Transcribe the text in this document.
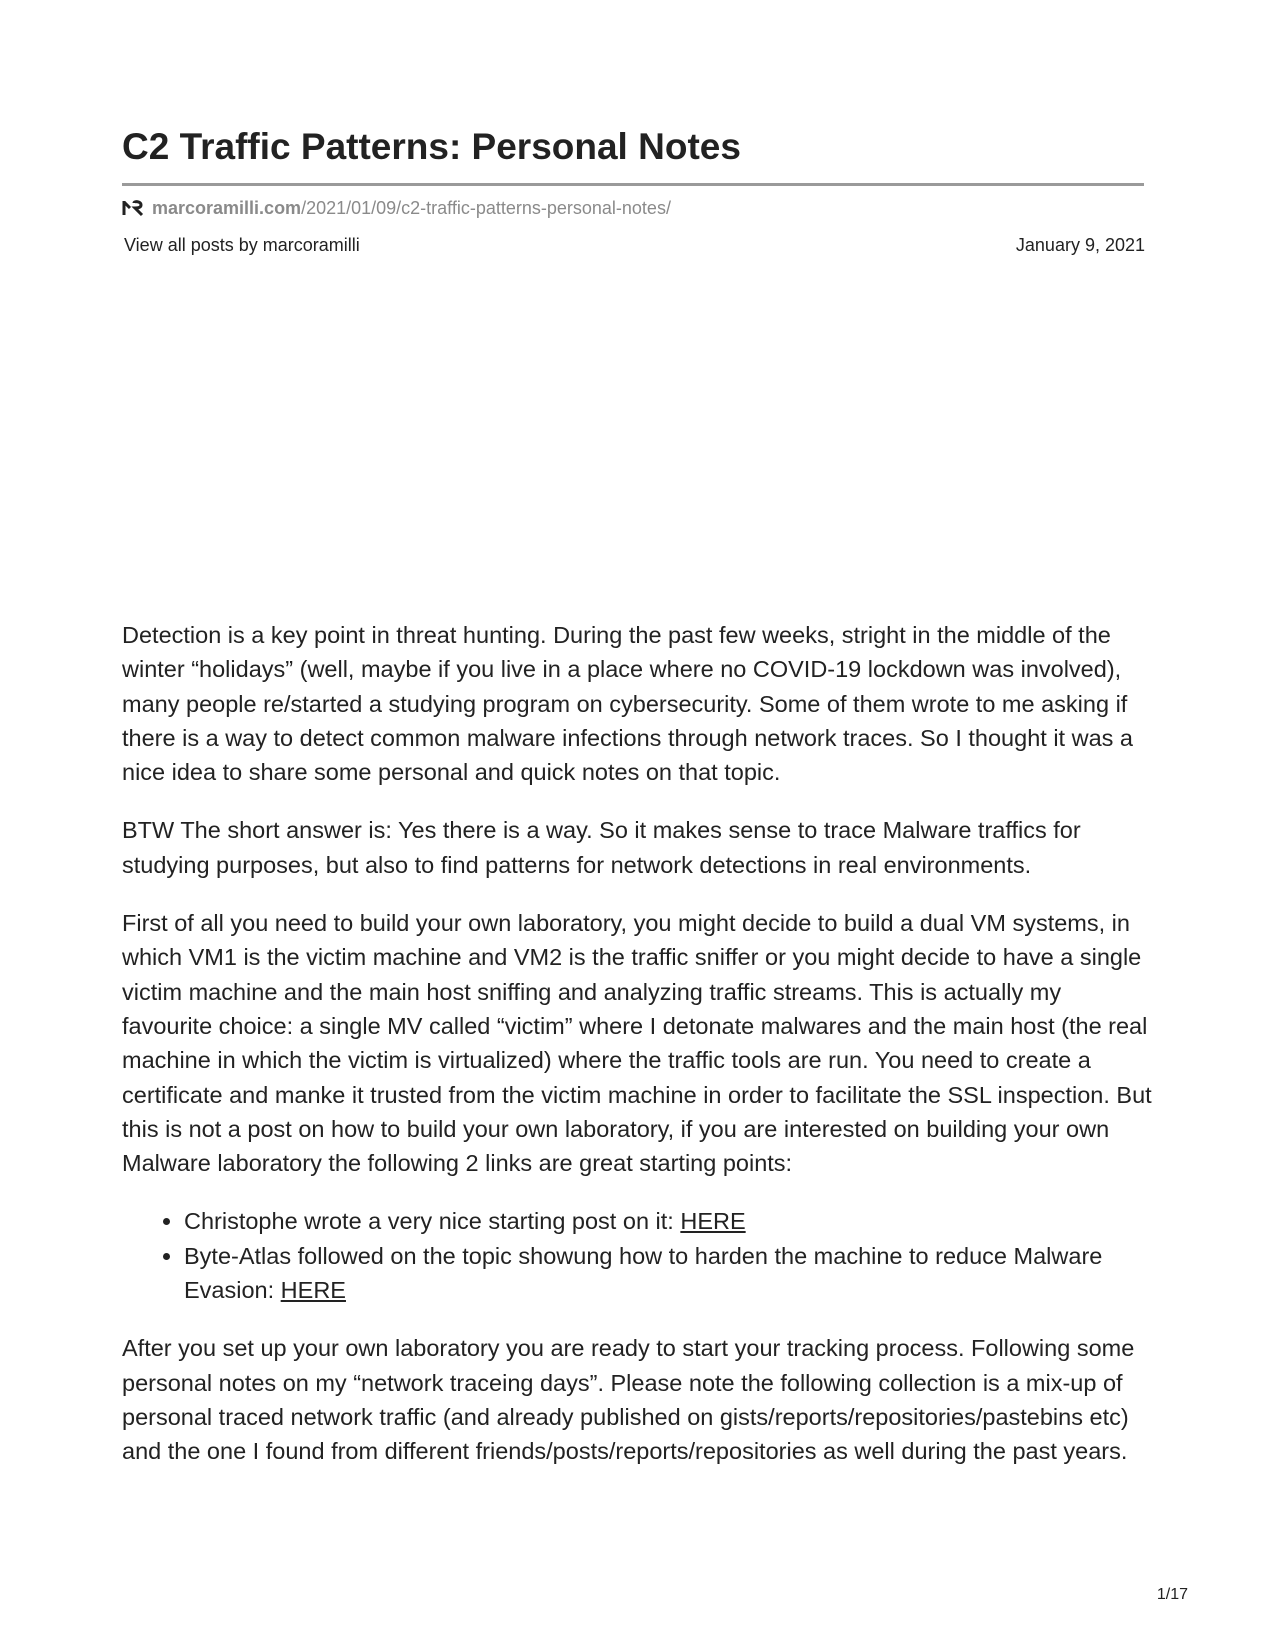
C2 Traffic Patterns: Personal Notes
marcoramilli.com /2021/01/09/c2-traffic-patterns-personal-notes/
View all posts by marcoramilli	January 9, 2021

Detection is a key point in threat hunting. During the past few weeks, stright in the middle of the winter “holidays” (well, maybe if you live in a place where no COVID-19 lockdown was involved), many people re/started a studying program on cybersecurity. Some of them wrote to me asking if there is a way to detect common malware infections through network traces. So I thought it was a nice idea to share some personal and quick notes on that topic.

BTW The short answer is: Yes there is a way. So it makes sense to trace Malware traffics for studying purposes, but also to find patterns for network detections in real environments.

First of all you need to build your own laboratory, you might decide to build a dual VM systems, in which VM1 is the victim machine and VM2 is the traffic sniffer or you might decide to have a single victim machine and the main host sniffing and analyzing traffic streams. This is actually my favourite choice: a single MV called “victim” where I detonate malwares and the main host (the real machine in which the victim is virtualized) where the traffic tools are run. You need to create a certificate and manke it trusted from the victim machine in order to facilitate the SSL inspection. But this is not a post on how to build your own laboratory, if you are interested on building your own Malware laboratory the following 2 links are great starting points:

• Christophe wrote a very nice starting post on it: HERE
• Byte-Atlas followed on the topic showung how to harden the machine to reduce Malware Evasion: HERE

After you set up your own laboratory you are ready to start your tracking process. Following some personal notes on my “network traceing days”. Please note the following collection is a mix-up of personal traced network traffic (and already published on gists/reports/repositories/pastebins etc) and the one I found from different friends/posts/reports/repositories as well during the past years.

1/17
